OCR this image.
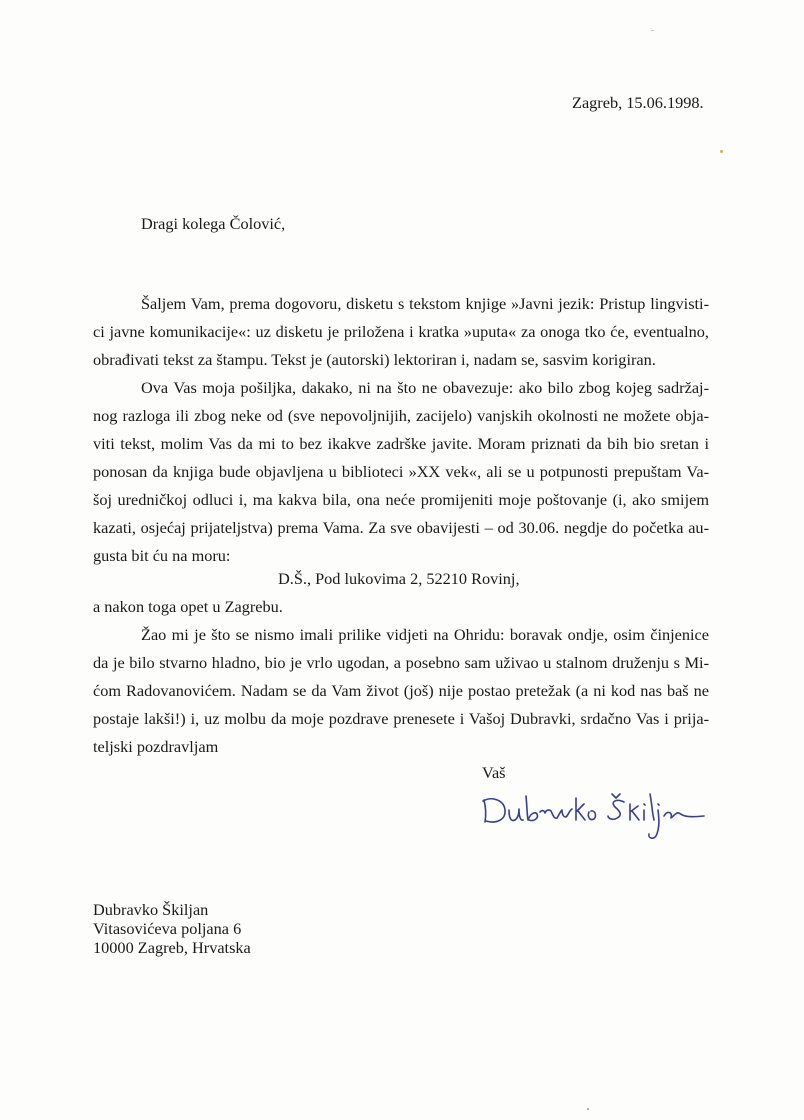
Zagreb, 15.06.1998.
Dragi kolega Čolović,
Šaljem Vam, prema dogovoru, disketu s tekstom knjige »Javni jezik: Pristup lingvisti-
ci javne komunikacije«: uz disketu je priložena i kratka »uputa« za onoga tko će, eventualno,
obrađivati tekst za štampu. Tekst je (autorski) lektoriran i, nadam se, sasvim korigiran.
Ova Vas moja pošiljka, dakako, ni na što ne obavezuje: ako bilo zbog kojeg sadržaj-
nog razloga ili zbog neke od (sve nepovoljnijih, zacijelo) vanjskih okolnosti ne možete obja-
viti tekst, molim Vas da mi to bez ikakve zadrške javite. Moram priznati da bih bio sretan i
ponosan da knjiga bude objavljena u biblioteci »XX vek«, ali se u potpunosti prepuštam Va-
šoj uredničkoj odluci i, ma kakva bila, ona neće promijeniti moje poštovanje (i, ako smijem
kazati, osjećaj prijateljstva) prema Vama. Za sve obavijesti – od 30.06. negdje do početka au-
gusta bit ću na moru:
D.Š., Pod lukovima 2, 52210 Rovinj,
a nakon toga opet u Zagrebu.
Žao mi je što se nismo imali prilike vidjeti na Ohridu: boravak ondje, osim činjenice
da je bilo stvarno hladno, bio je vrlo ugodan, a posebno sam uživao u stalnom druženju s Mi-
ćom Radovanovićem. Nadam se da Vam život (još) nije postao pretežak (a ni kod nas baš ne
postaje lakši!) i, uz molbu da moje pozdrave prenesete i Vašoj Dubravki, srdačno Vas i prija-
teljski pozdravljam
Vaš
Dubravko Škiljan
Vitasovićeva poljana 6
10000 Zagreb, Hrvatska
